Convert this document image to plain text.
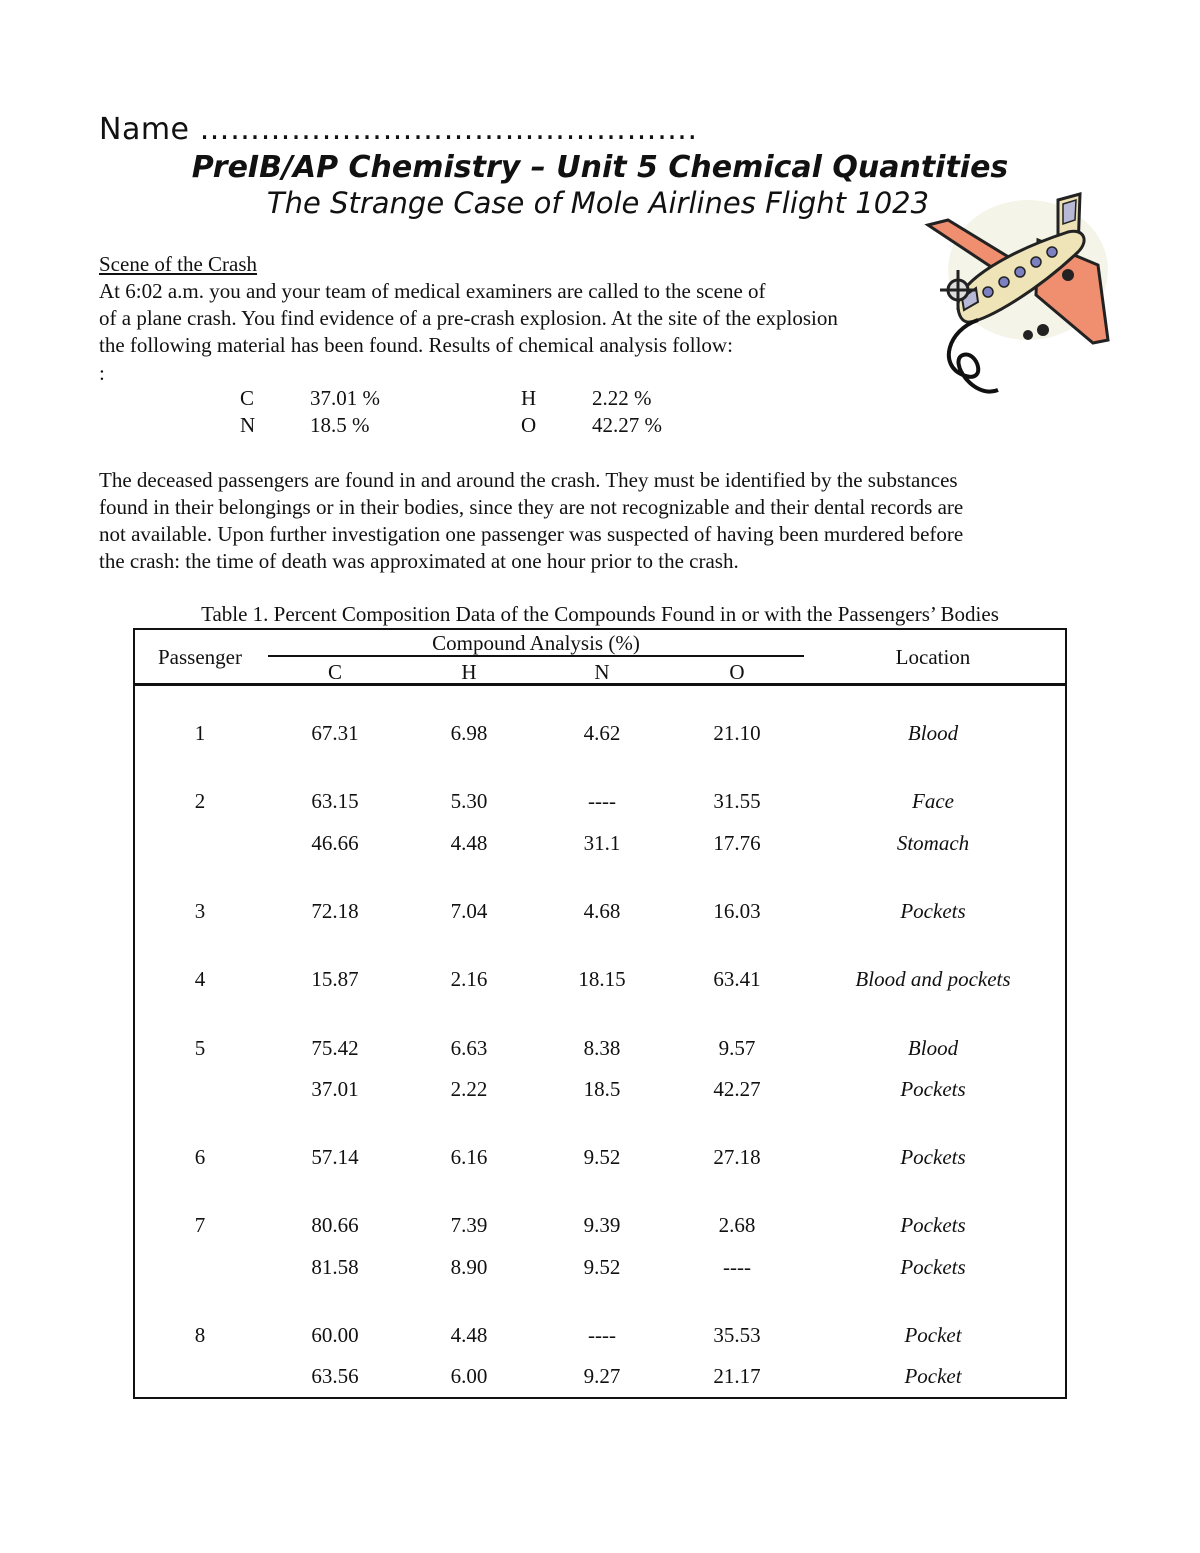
Name ………………………………………….
PreIB/AP Chemistry – Unit 5 Chemical Quantities
The Strange Case of Mole Airlines Flight 1023
Scene of the Crash
At 6:02 a.m. you and your team of medical examiners are called to the scene of
of a plane crash. You find evidence of a pre-crash explosion. At the site of the explosion
the following material has been found. Results of chemical analysis follow:
:
C	37.01 %	H	2.22 %
N	18.5 %	O	42.27 %
The deceased passengers are found in and around the crash. They must be identified by the substances
found in their belongings or in their bodies, since they are not recognizable and their dental records are
not available. Upon further investigation one passenger was suspected of having been murdered before
the crash: the time of death was approximated at one hour prior to the crash.
Table 1. Percent Composition Data of the Compounds Found in or with the Passengers’ Bodies
Passenger
Compound Analysis (%)
C	H	N	O
Location
1	67.31	6.98	4.62	21.10	Blood
2	63.15	5.30	----	31.55	Face
46.66	4.48	31.1	17.76	Stomach
3	72.18	7.04	4.68	16.03	Pockets
4	15.87	2.16	18.15	63.41	Blood and pockets
5	75.42	6.63	8.38	9.57	Blood
37.01	2.22	18.5	42.27	Pockets
6	57.14	6.16	9.52	27.18	Pockets
7	80.66	7.39	9.39	2.68	Pockets
81.58	8.90	9.52	----	Pockets
8	60.00	4.48	----	35.53	Pocket
63.56	6.00	9.27	21.17	Pocket
